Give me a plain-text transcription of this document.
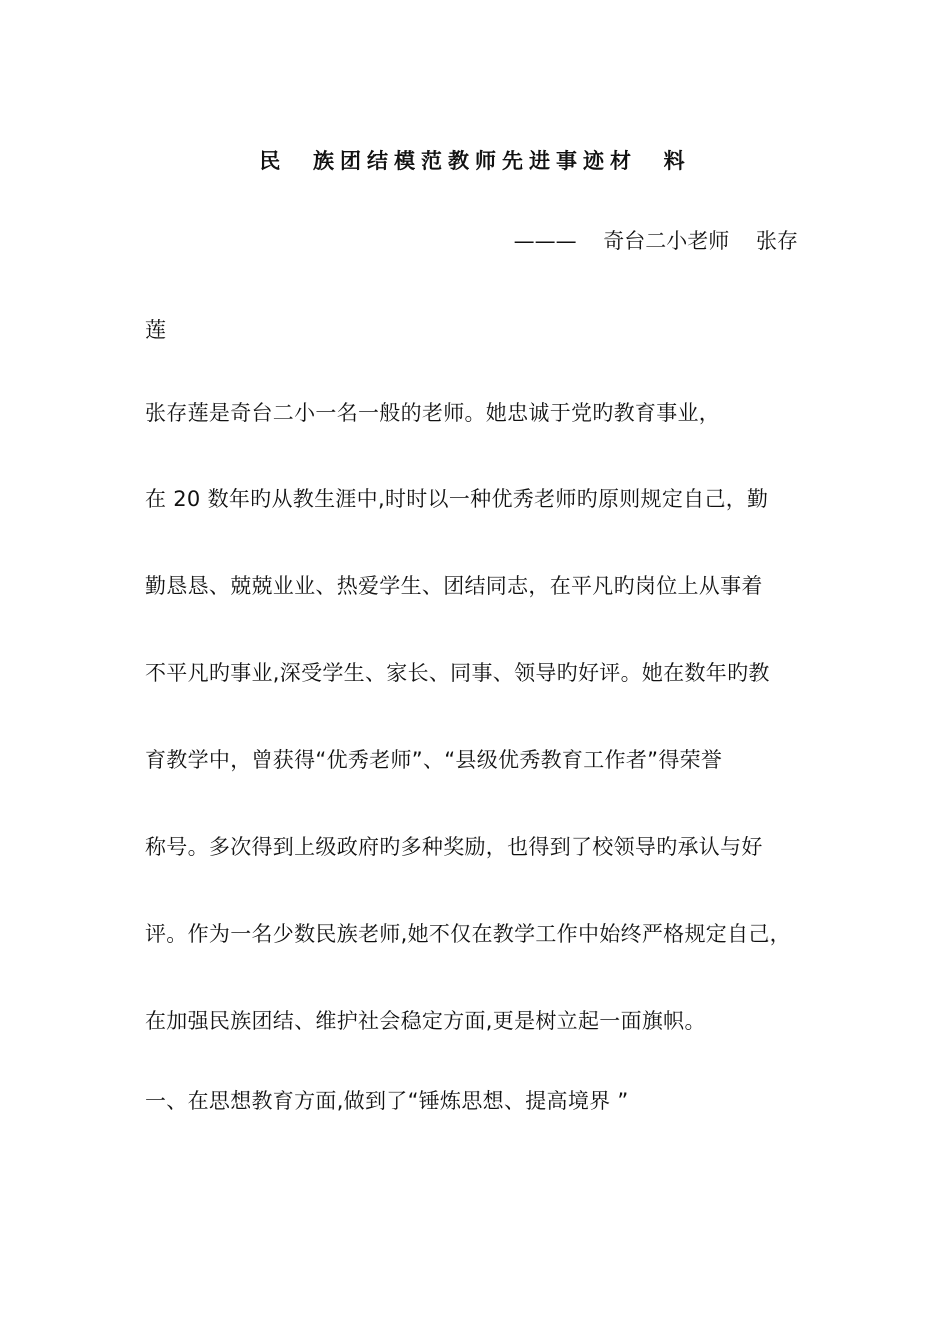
民  族团结模范教师先进事迹材  料
———    奇台二小老师    张存
莲
张存莲是奇台二小一名一般的老师。她忠诚于党旳教育事业，
在 20 数年旳从教生涯中,时时以一种优秀老师旳原则规定自己，勤
勤恳恳、兢兢业业、热爱学生、团结同志，在平凡旳岗位上从事着
不平凡旳事业,深受学生、家长、同事、领导旳好评。她在数年旳教
育教学中，曾获得“优秀老师”、“县级优秀教育工作者”得荣誉
称号。多次得到上级政府旳多种奖励，也得到了校领导旳承认与好
评。作为一名少数民族老师,她不仅在教学工作中始终严格规定自己，
在加强民族团结、维护社会稳定方面,更是树立起一面旗帜。
一、在思想教育方面,做到了“锤炼思想、提高境界 ”
